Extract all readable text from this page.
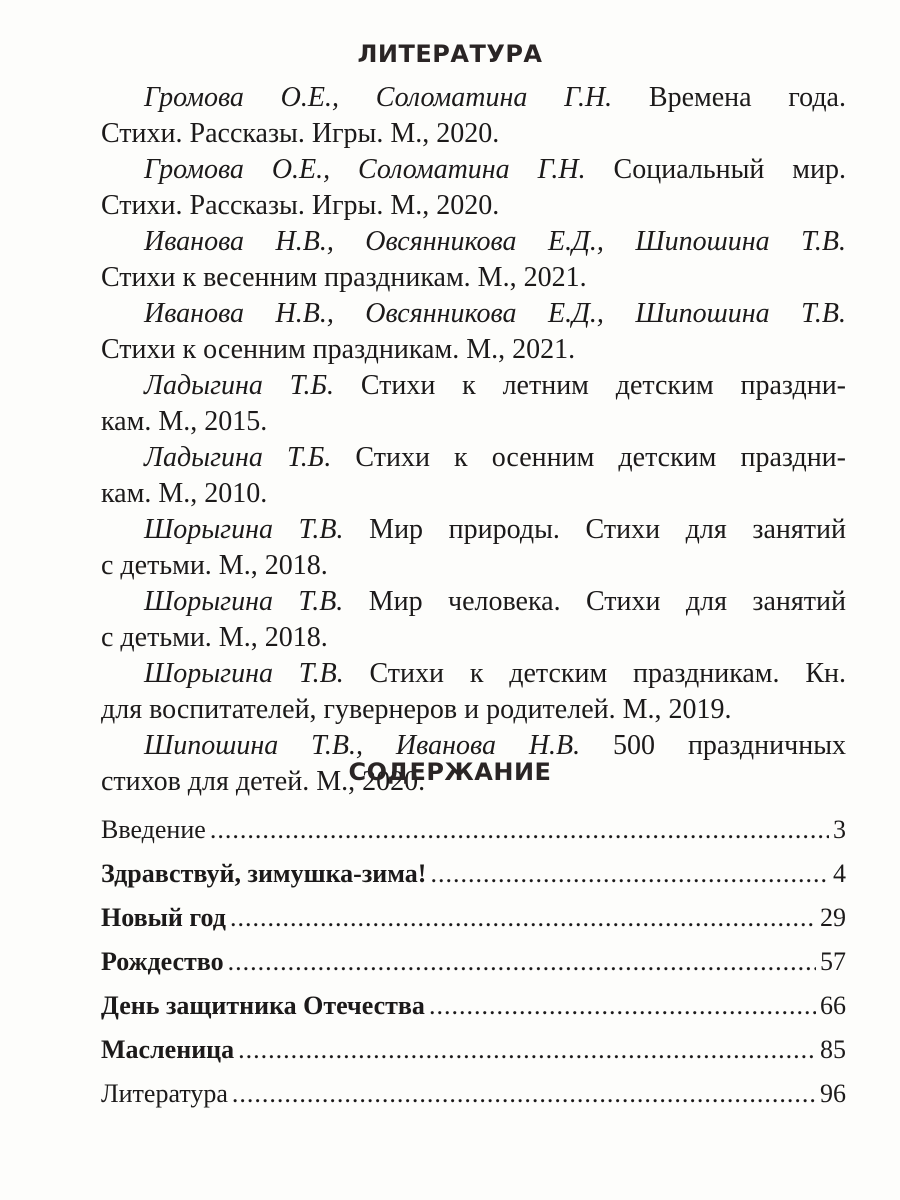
ЛИТЕРАТУРА
Громова О.Е., Соломатина Г.Н. Времена года.
Стихи. Рассказы. Игры. М., 2020.
Громова О.Е., Соломатина Г.Н. Социальный мир.
Стихи. Рассказы. Игры. М., 2020.
Иванова Н.В., Овсянникова Е.Д., Шипошина Т.В.
Стихи к весенним праздникам. М., 2021.
Иванова Н.В., Овсянникова Е.Д., Шипошина Т.В.
Стихи к осенним праздникам. М., 2021.
Ладыгина Т.Б. Стихи к летним детским праздни-
кам. М., 2015.
Ладыгина Т.Б. Стихи к осенним детским праздни-
кам. М., 2010.
Шорыгина Т.В. Мир природы. Стихи для занятий
с детьми. М., 2018.
Шорыгина Т.В. Мир человека. Стихи для занятий
с детьми. М., 2018.
Шорыгина Т.В. Стихи к детским праздникам. Кн.
для воспитателей, гувернеров и родителей. М., 2019.
Шипошина Т.В., Иванова Н.В. 500 праздничных
стихов для детей. М., 2020.
СОДЕРЖАНИЕ
Введение .....	3
Здравствуй, зимушка-зима! .....	4
Новый год .....	29
Рождество .....	57
День защитника Отечества .....	66
Масленица .....	85
Литература .....	96
